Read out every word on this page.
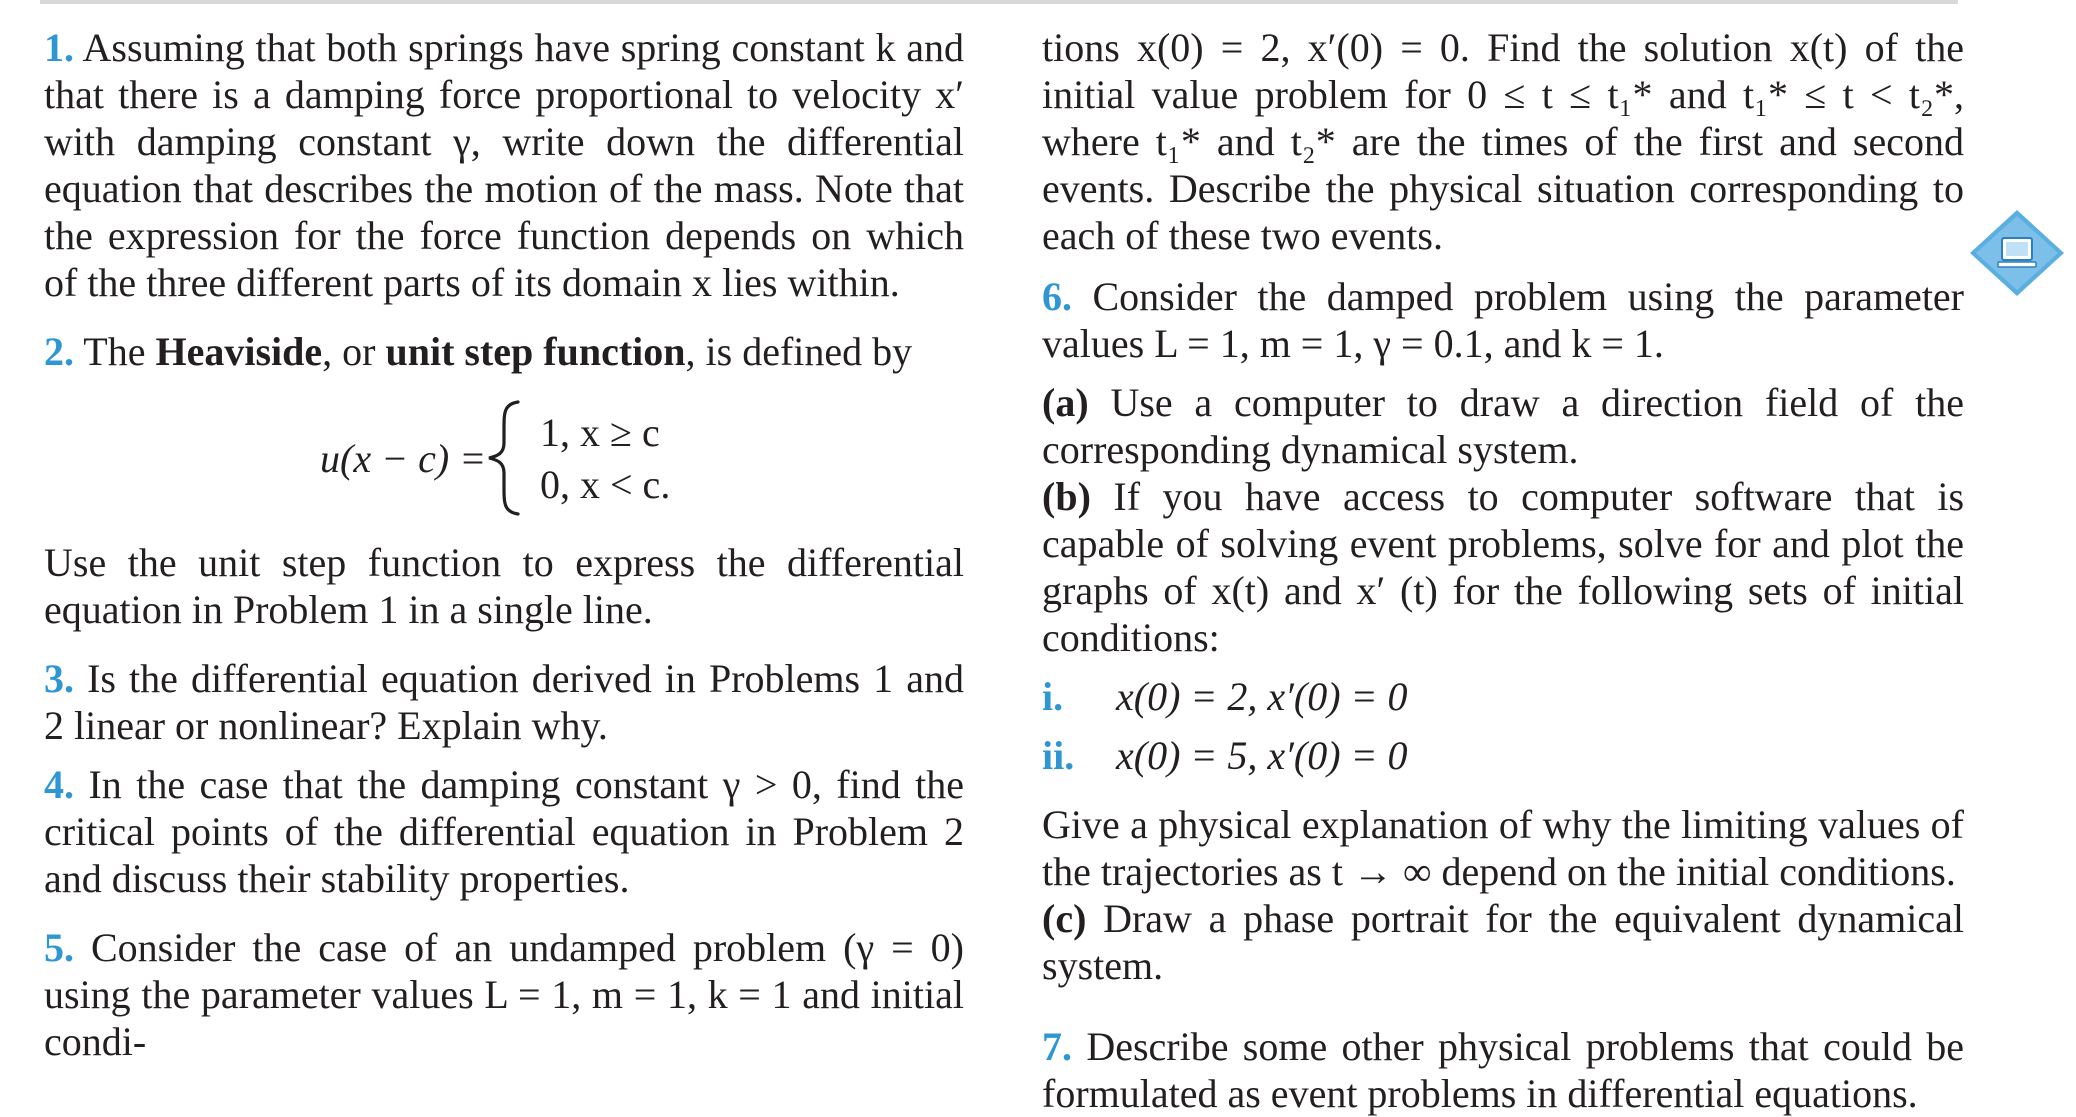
1. Assuming that both springs have spring constant k and that there is a damping force proportional to velocity x′ with damping constant γ, write down the differential equation that describes the motion of the mass. Note that the expression for the force function depends on which of the three different parts of its domain x lies within.

2. The Heaviside, or unit step function, is defined by

u(x − c) =
1, x ≥ c
0, x < c.

Use the unit step function to express the differential equation in Problem 1 in a single line.

3. Is the differential equation derived in Problems 1 and 2 linear or nonlinear? Explain why.

4. In the case that the damping constant γ > 0, find the critical points of the differential equation in Problem 2 and discuss their stability properties.

5. Consider the case of an undamped problem (γ = 0) using the parameter values L = 1, m = 1, k = 1 and initial condi-

tions x(0) = 2, x′(0) = 0. Find the solution x(t) of the initial value problem for 0 ≤ t ≤ t₁* and t₁* ≤ t < t₂*, where t₁* and t₂* are the times of the first and second events. Describe the physical situation corresponding to each of these two events.

6. Consider the damped problem using the parameter values L = 1, m = 1, γ = 0.1, and k = 1.

(a) Use a computer to draw a direction field of the corresponding dynamical system.

(b) If you have access to computer software that is capable of solving event problems, solve for and plot the graphs of x(t) and x′ (t) for the following sets of initial conditions:

i. x(0) = 2, x′(0) = 0
ii. x(0) = 5, x′(0) = 0

Give a physical explanation of why the limiting values of the trajectories as t → ∞ depend on the initial conditions.

(c) Draw a phase portrait for the equivalent dynamical system.

7. Describe some other physical problems that could be formulated as event problems in differential equations.
